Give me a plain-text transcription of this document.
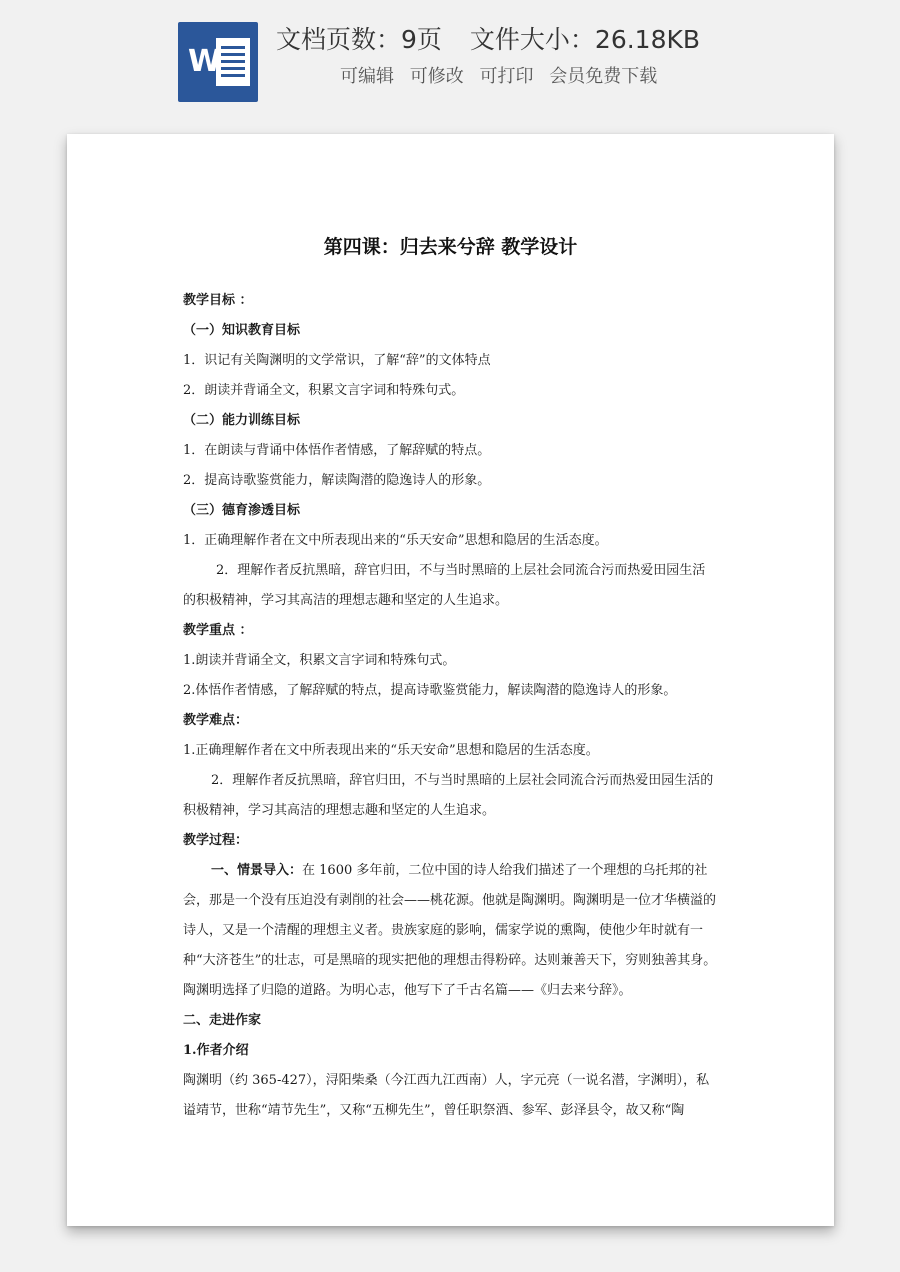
W
文档页数：9页 文件大小：26.18KB
可编辑 可修改 可打印 会员免费下载
第四课：归去来兮辞 教学设计

教学目标 ：

（一）知识教育目标

1．识记有关陶渊明的文学常识，了解“辞”的文体特点

2．朗读并背诵全文，积累文言字词和特殊句式。

（二）能力训练目标

1．在朗读与背诵中体悟作者情感，了解辞赋的特点。

2．提高诗歌鉴赏能力，解读陶潜的隐逸诗人的形象。

（三）德育渗透目标

1．正确理解作者在文中所表现出来的“乐天安命”思想和隐居的生活态度。

2．理解作者反抗黑暗，辞官归田，不与当时黑暗的上层社会同流合污而热爱田园生活的积极精神，学习其高洁的理想志趣和坚定的人生追求。

教学重点 ：

1.朗读并背诵全文，积累文言字词和特殊句式。

2.体悟作者情感，了解辞赋的特点，提高诗歌鉴赏能力，解读陶潜的隐逸诗人的形象。

教学难点：

1.正确理解作者在文中所表现出来的“乐天安命”思想和隐居的生活态度。

2．理解作者反抗黑暗，辞官归田，不与当时黑暗的上层社会同流合污而热爱田园生活的积极精神，学习其高洁的理想志趣和坚定的人生追求。

教学过程：

一、情景导入：在 1600 多年前，二位中国的诗人给我们描述了一个理想的乌托邦的社会，那是一个没有压迫没有剥削的社会——桃花源。他就是陶渊明。陶渊明是一位才华横溢的诗人，又是一个清醒的理想主义者。贵族家庭的影响，儒家学说的熏陶，使他少年时就有一种“大济苍生”的壮志，可是黑暗的现实把他的理想击得粉碎。达则兼善天下，穷则独善其身。陶渊明选择了归隐的道路。为明心志，他写下了千古名篇——《归去来兮辞》。

二、走进作家

1.作者介绍

陶渊明（约 365-427），浔阳柴桑（今江西九江西南）人，字元亮（一说名潜，字渊明），私谥靖节，世称“靖节先生”，又称“五柳先生”，曾任职祭酒、参军、彭泽县令，故又称“陶
